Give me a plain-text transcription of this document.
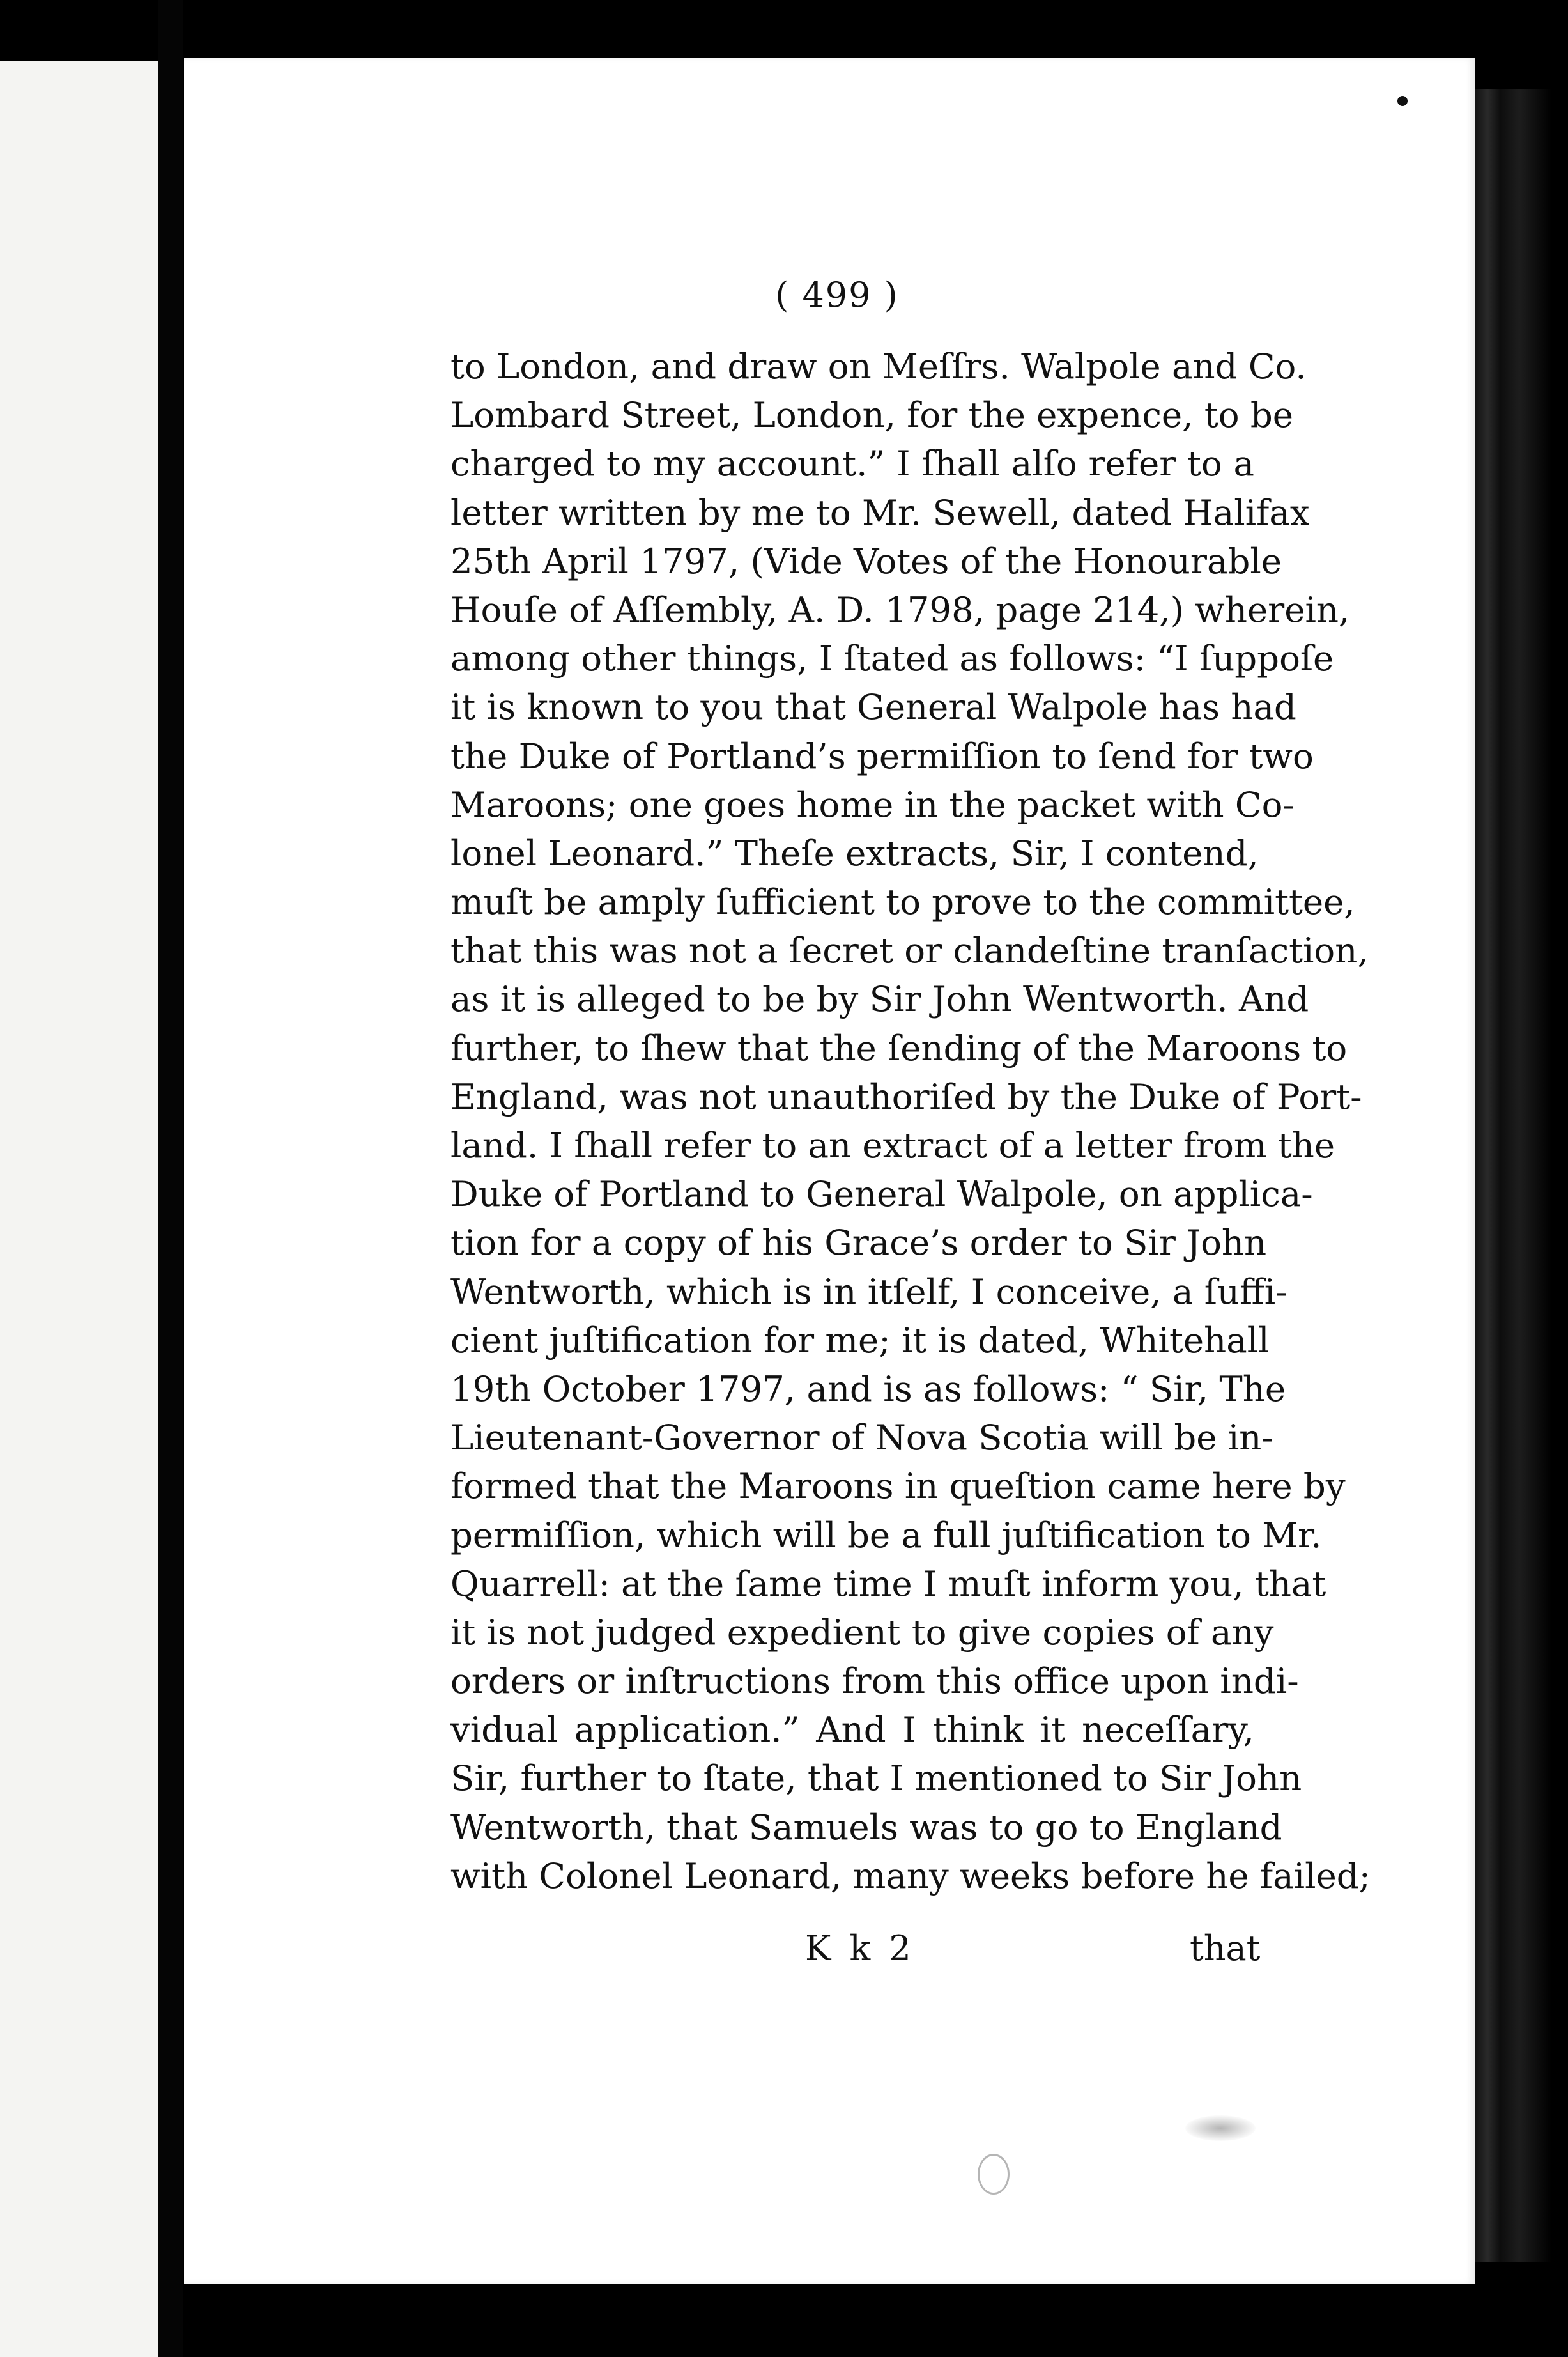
( 499 )
to London, and draw on Meſſrs. Walpole and Co.
Lombard Street, London, for the expence, to be
charged to my account.” I ſhall alſo refer to a
letter written by me to Mr. Sewell, dated Halifax
25th April 1797, (Vide Votes of the Honourable
Houſe of Aſſembly, A. D. 1798, page 214,) wherein,
among other things, I ſtated as follows: “I ſuppoſe
it is known to you that General Walpole has had
the Duke of Portland’s permiſſion to ſend for two
Maroons; one goes home in the packet with Co-
lonel Leonard.” Theſe extracts, Sir, I contend,
muſt be amply ſufficient to prove to the committee,
that this was not a ſecret or clandeſtine tranſaction,
as it is alleged to be by Sir John Wentworth. And
further, to ſhew that the ſending of the Maroons to
England, was not unauthoriſed by the Duke of Port-
land. I ſhall refer to an extract of a letter from the
Duke of Portland to General Walpole, on applica-
tion for a copy of his Grace’s order to Sir John
Wentworth, which is in itſelf, I conceive, a ſuffi-
cient juſtification for me; it is dated, Whitehall
19th October 1797, and is as follows: “ Sir, The
Lieutenant-Governor of Nova Scotia will be in-
formed that the Maroons in queſtion came here by
permiſſion, which will be a full juſtification to Mr.
Quarrell: at the ſame time I muſt inform you, that
it is not judged expedient to give copies of any
orders or inſtructions from this office upon indi-
vidual application.” And I think it neceſſary,
Sir, further to ſtate, that I mentioned to Sir John
Wentworth, that Samuels was to go to England
with Colonel Leonard, many weeks before he failed;
K k 2	that
